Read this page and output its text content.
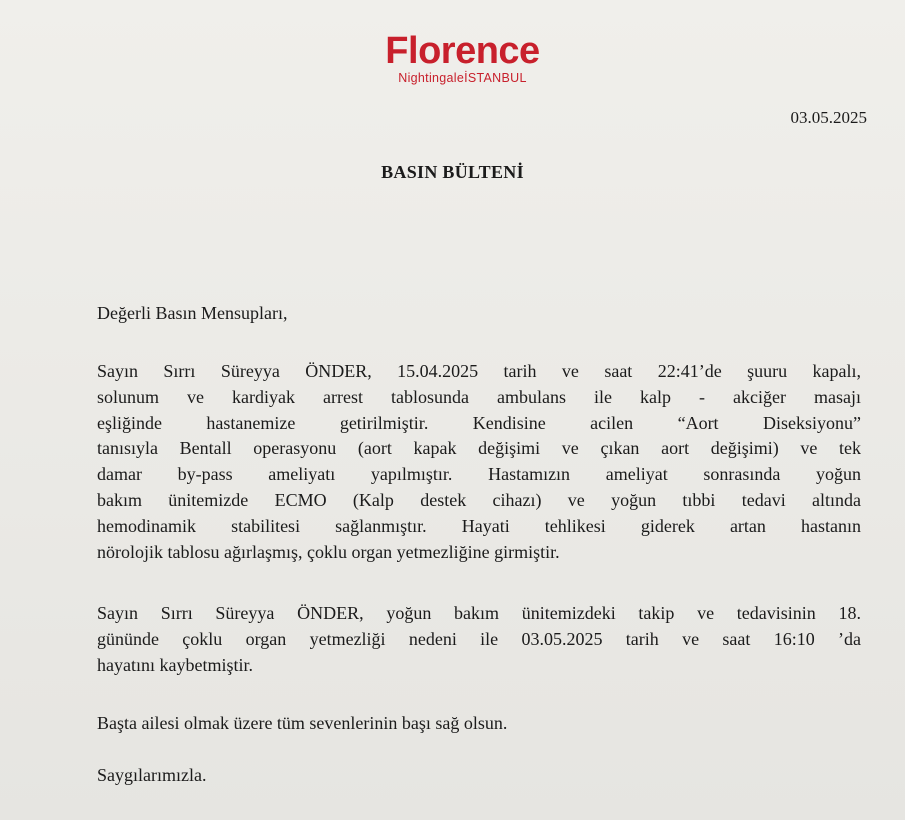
Florence
NightingaleİSTANBUL
03.05.2025
BASIN BÜLTENİ
Değerli Basın Mensupları,
Sayın Sırrı Süreyya ÖNDER, 15.04.2025 tarih ve saat 22:41’de şuuru kapalı,
solunum ve kardiyak arrest tablosunda ambulans ile kalp - akciğer masajı
eşliğinde hastanemize getirilmiştir. Kendisine acilen “Aort Diseksiyonu”
tanısıyla Bentall operasyonu (aort kapak değişimi ve çıkan aort değişimi) ve tek
damar by-pass ameliyatı yapılmıştır. Hastamızın ameliyat sonrasında yoğun
bakım ünitemizde ECMO (Kalp destek cihazı) ve yoğun tıbbi tedavi altında
hemodinamik stabilitesi sağlanmıştır. Hayati tehlikesi giderek artan hastanın
nörolojik tablosu ağırlaşmış, çoklu organ yetmezliğine girmiştir.
Sayın Sırrı Süreyya ÖNDER, yoğun bakım ünitemizdeki takip ve tedavisinin 18.
gününde çoklu organ yetmezliği nedeni ile 03.05.2025 tarih ve saat 16:10 ’da
hayatını kaybetmiştir.
Başta ailesi olmak üzere tüm sevenlerinin başı sağ olsun.
Saygılarımızla.
